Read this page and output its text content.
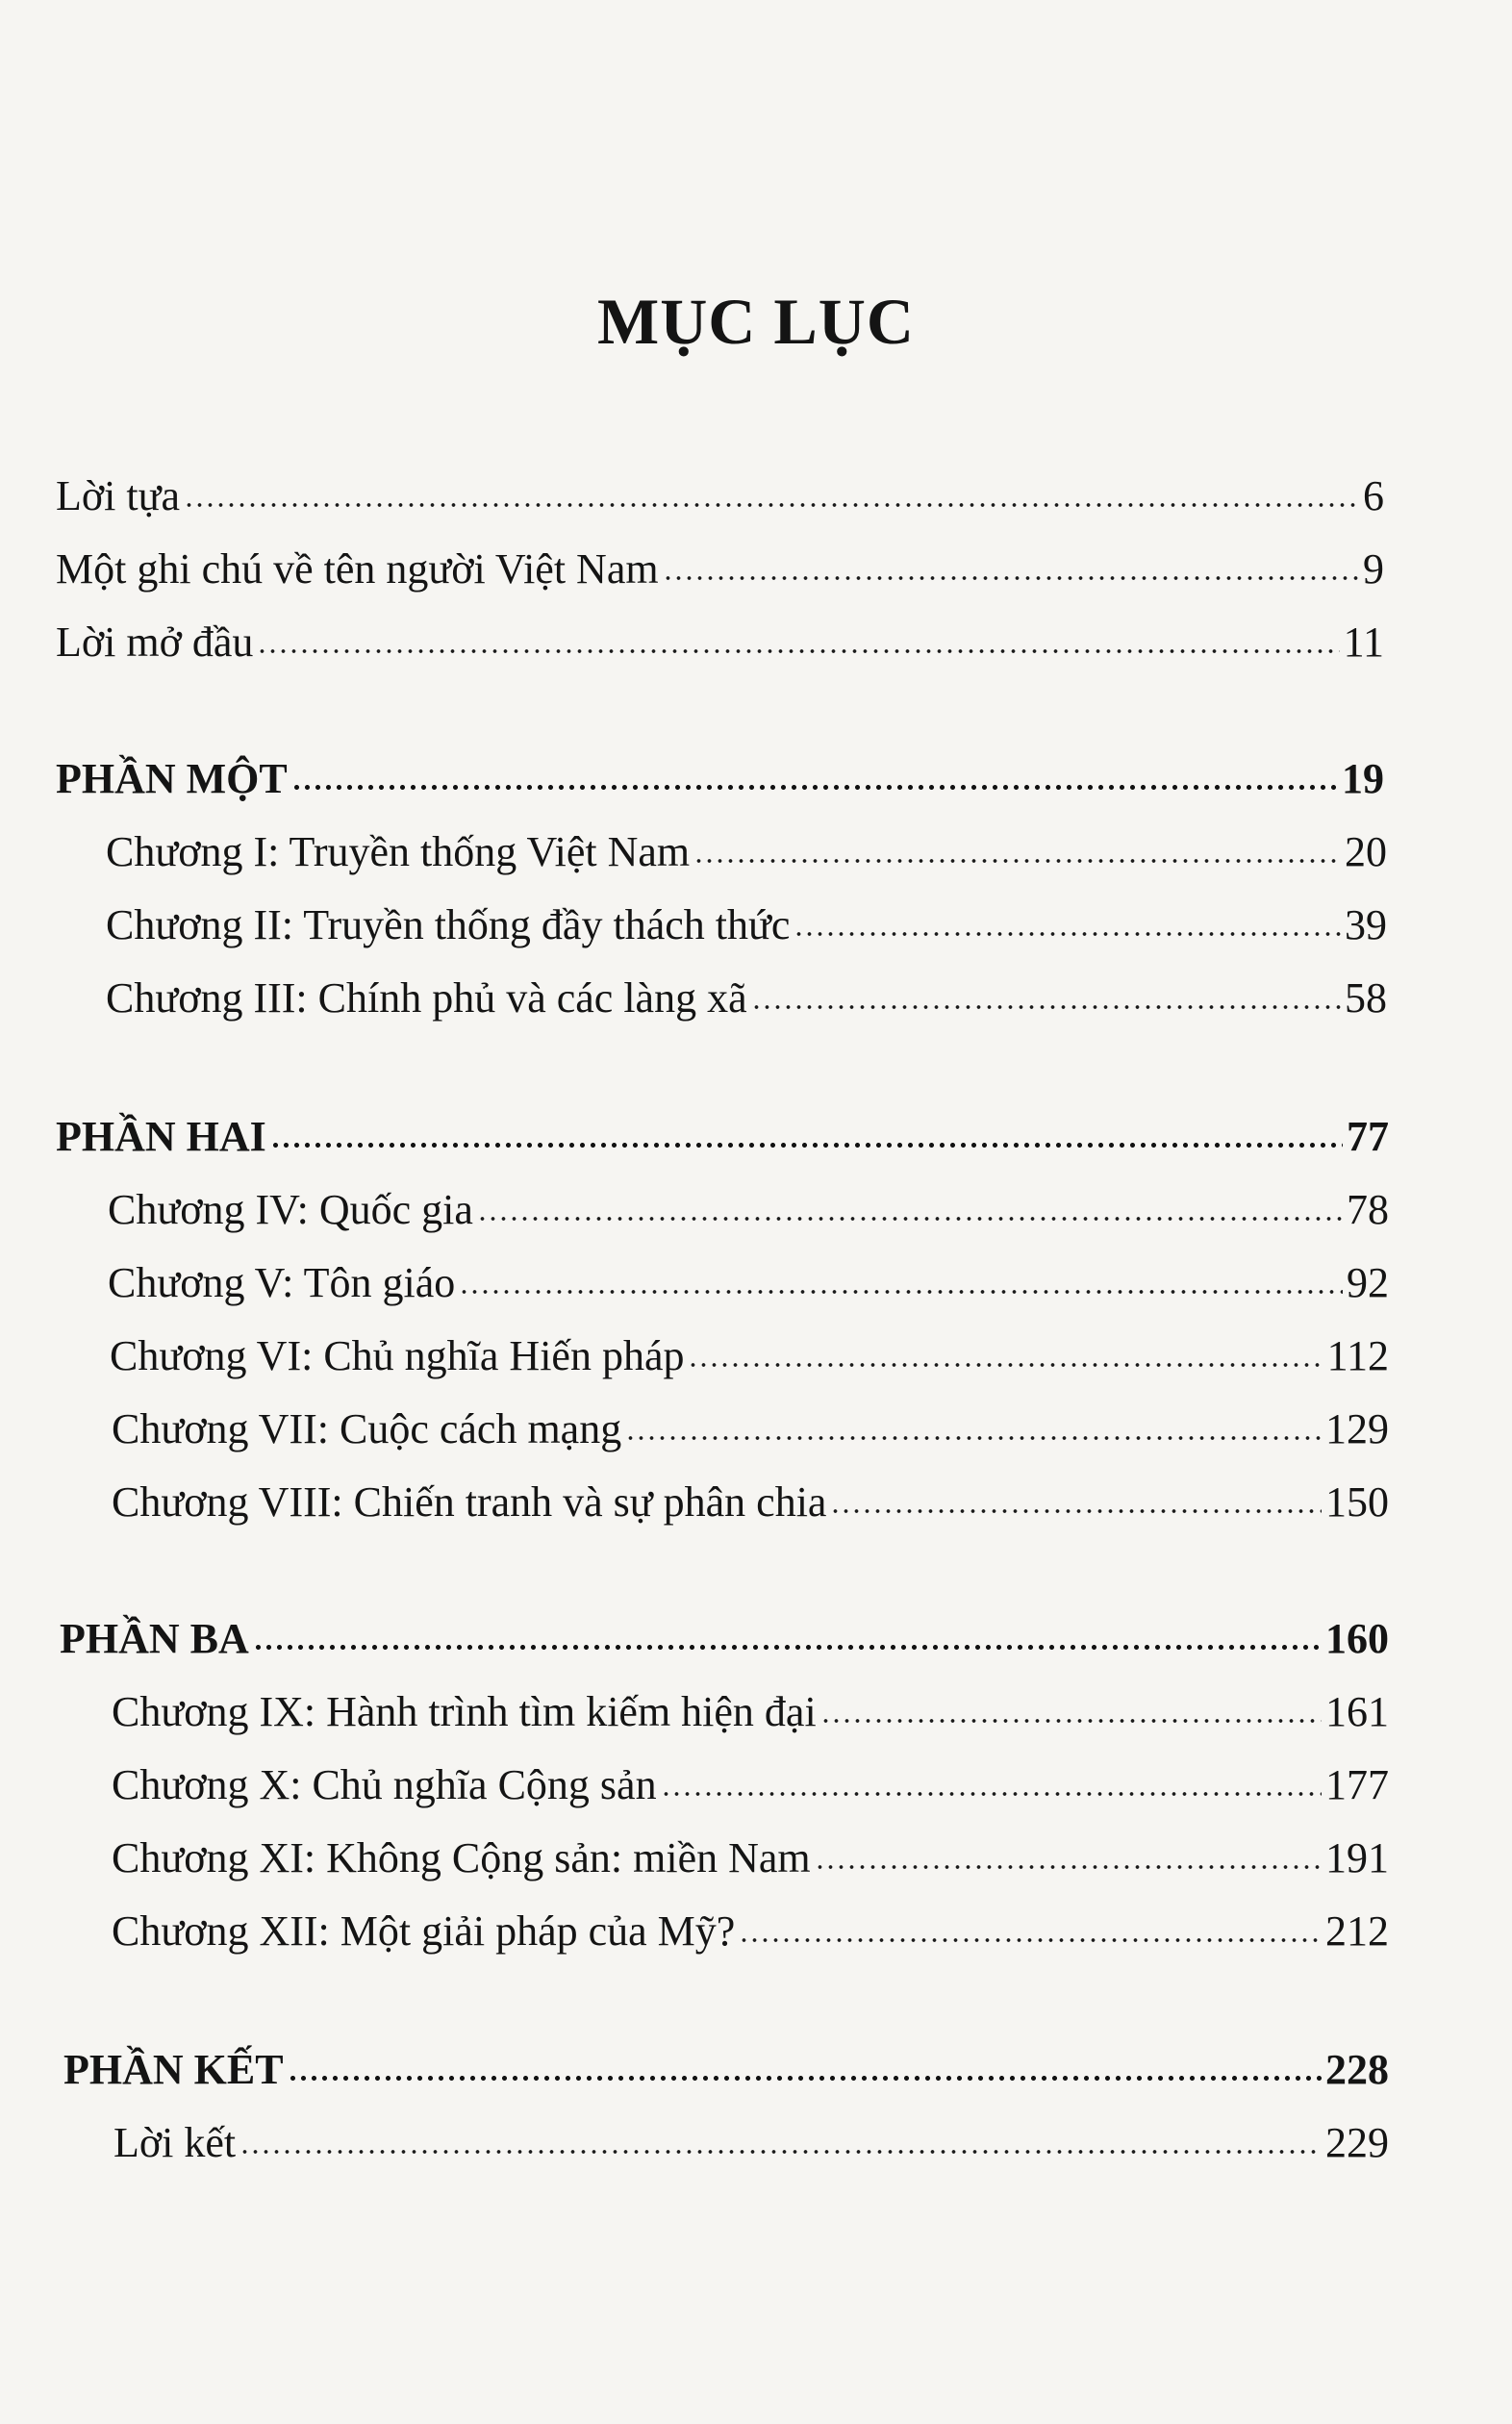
MỤC LỤC
Lời tựa	6
Một ghi chú về tên người Việt Nam	9
Lời mở đầu	11
PHẦN MỘT	19
Chương I: Truyền thống Việt Nam	20
Chương II: Truyền thống đầy thách thức	39
Chương III: Chính phủ và các làng xã	58
PHẦN HAI	77
Chương IV: Quốc gia	78
Chương V: Tôn giáo	92
Chương VI: Chủ nghĩa Hiến pháp	112
Chương VII: Cuộc cách mạng	129
Chương VIII: Chiến tranh và sự phân chia	150
PHẦN BA	160
Chương IX: Hành trình tìm kiếm hiện đại	161
Chương X: Chủ nghĩa Cộng sản	177
Chương XI: Không Cộng sản: miền Nam	191
Chương XII: Một giải pháp của Mỹ?	212
PHẦN KẾT	228
Lời kết	229
